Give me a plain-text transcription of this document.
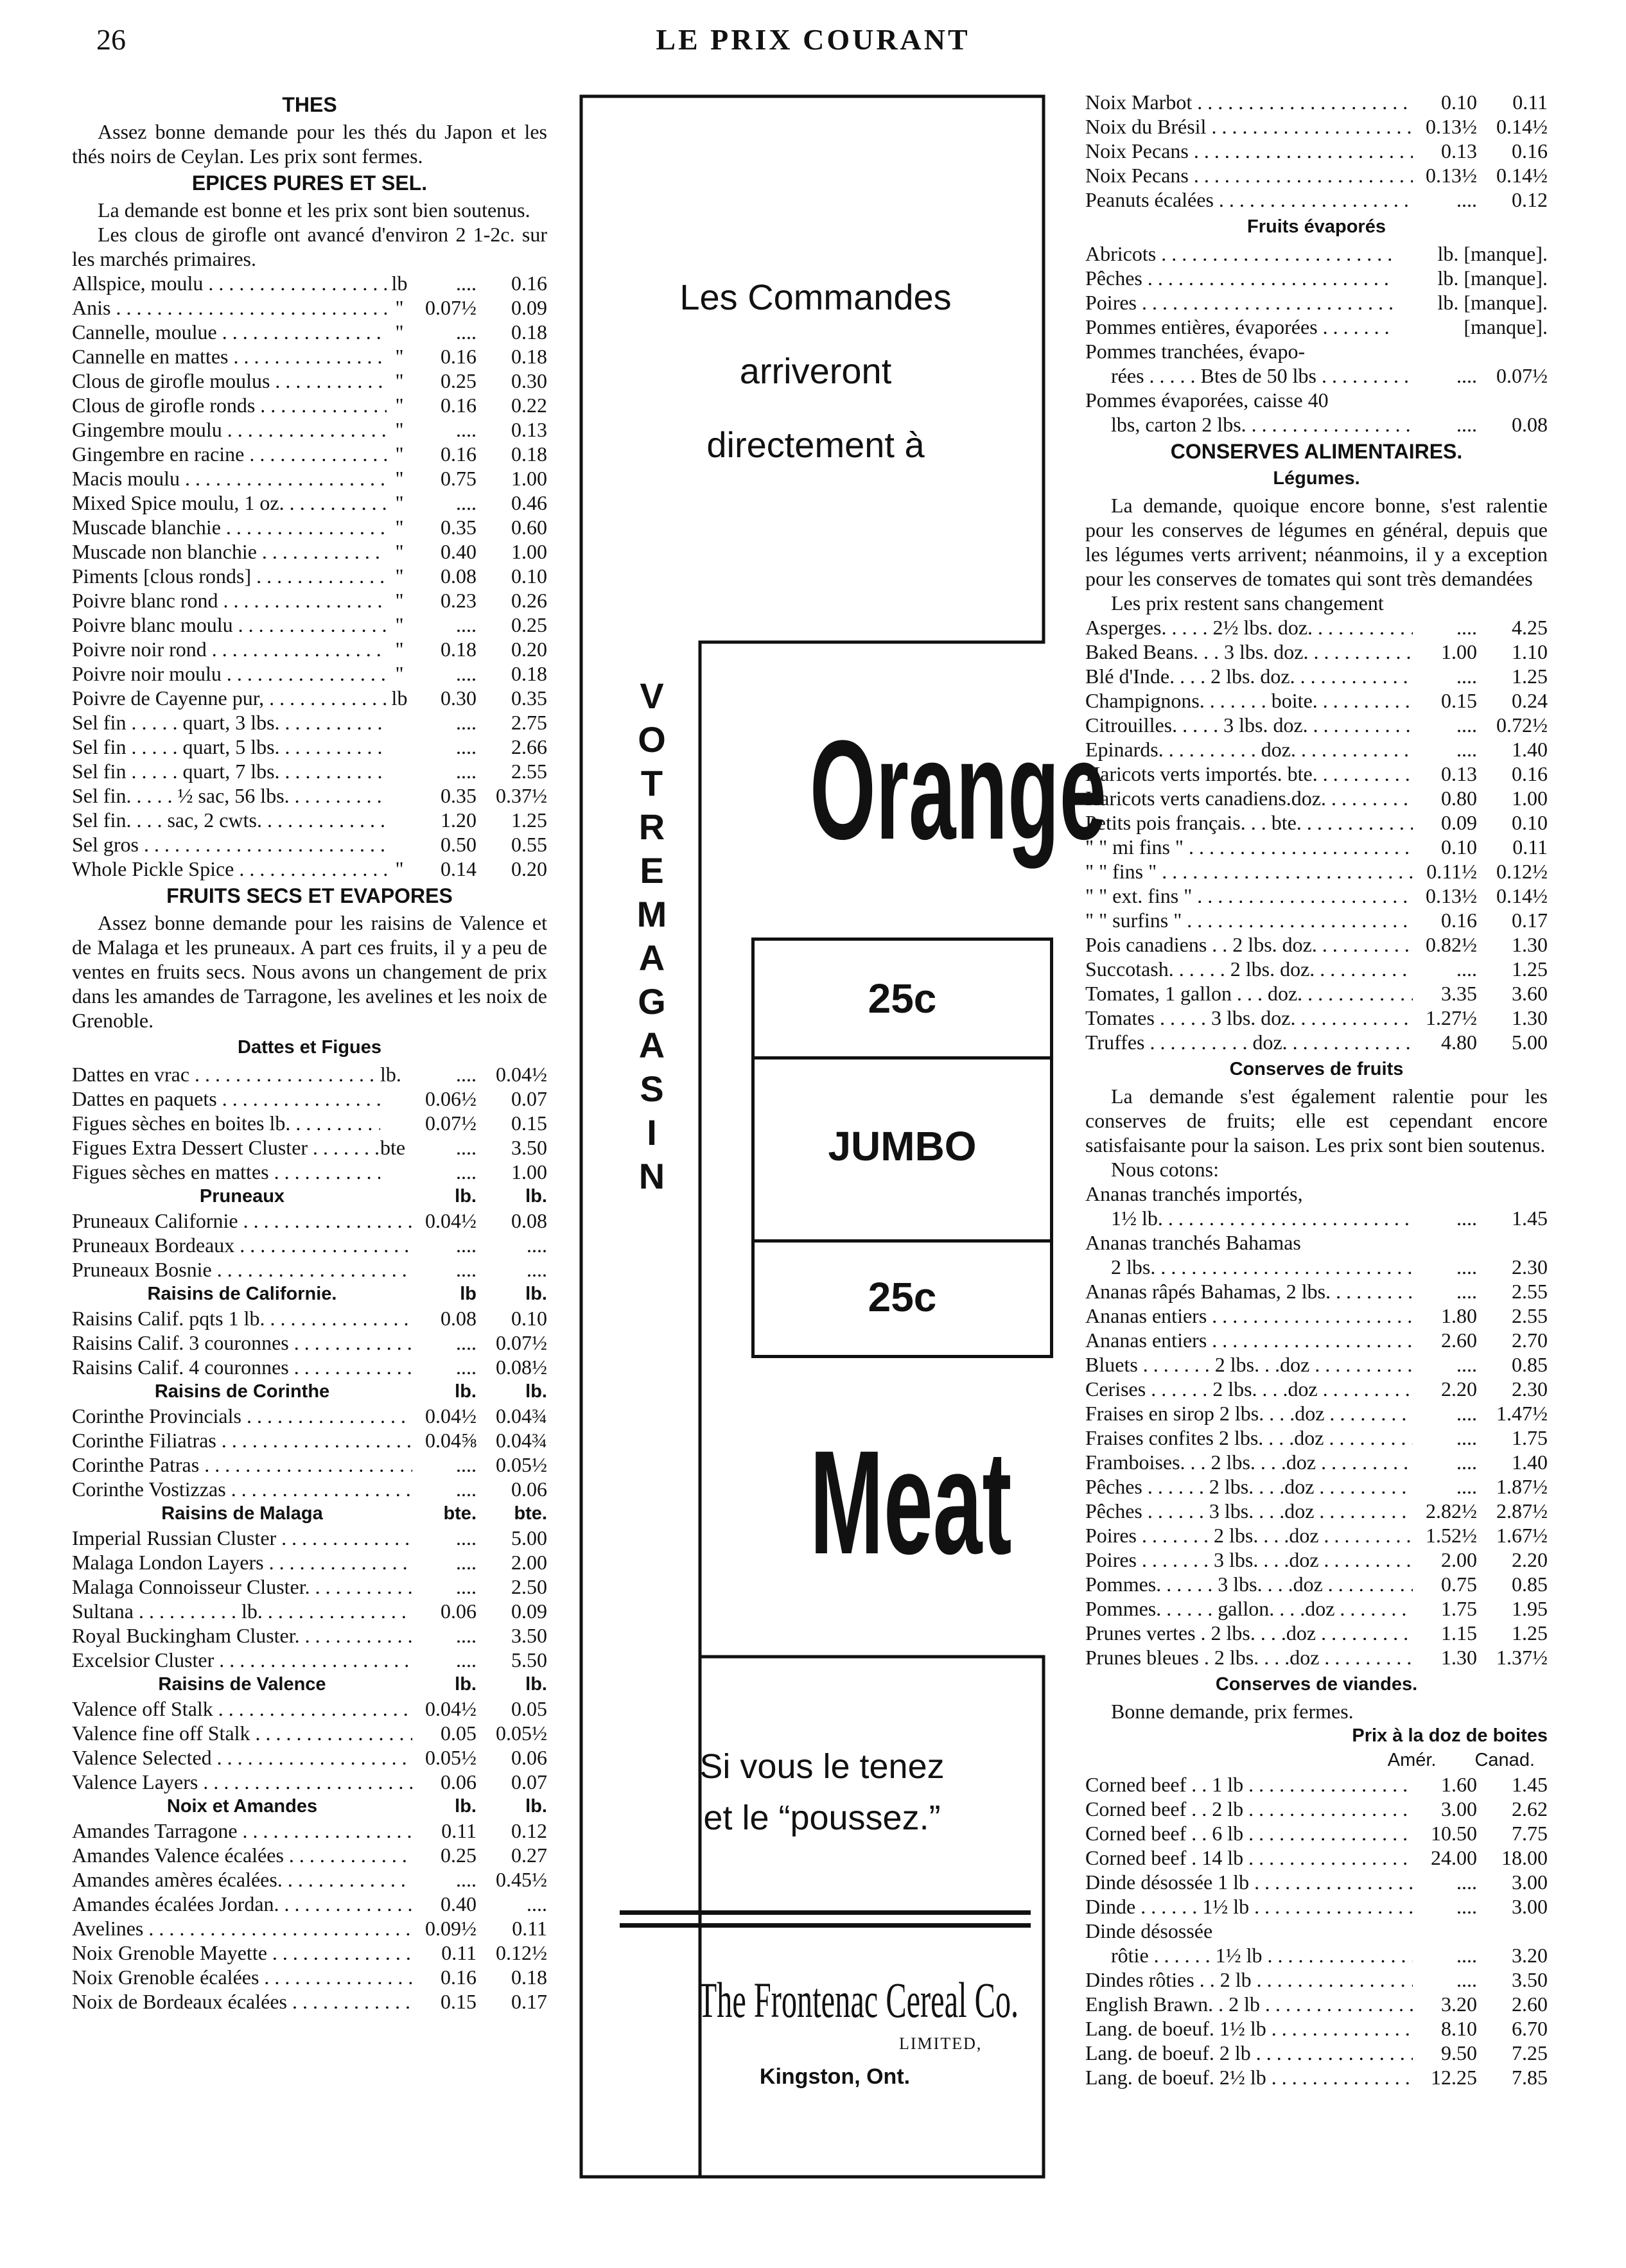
26	LE PRIX COURANT
THES

Assez bonne demande pour les thés du Japon et les thés noirs de Ceylan. Les prix sont fermes.

EPICES PURES ET SEL.

La demande est bonne et les prix sont bien soutenus.

Les clous de girofle ont avancé d'environ 2 1-2c. sur les marchés primaires.

Allspice, moulu . . .	lb	....	0.16
Anis . . .	"	0.07½	0.09
Cannelle, moulue . . .	"	....	0.18
Cannelle en mattes . . .	"	0.16	0.18
Clous de girofle moulus . . .	"	0.25	0.30
Clous de girofle ronds . . .	"	0.16	0.22
Gingembre moulu . . .	"	....	0.13
Gingembre en racine . . .	"	0.16	0.18
Macis moulu . . .	"	0.75	1.00
Mixed Spice moulu, 1 oz. . . .	"	....	0.46
Muscade blanchie . . .	"	0.35	0.60
Muscade non blanchie . . .	"	0.40	1.00
Piments [clous ronds] . . .	"	0.08	0.10
Poivre blanc rond . . .	"	0.23	0.26
Poivre blanc moulu . . .	"	....	0.25
Poivre noir rond . . .	"	0.18	0.20
Poivre noir moulu . . .	"	....	0.18
Poivre de Cayenne pur, . . .	lb	0.30	0.35
Sel fin . . . . . quart, 3 lbs. . . .	....	2.75
Sel fin . . . . . quart, 5 lbs. . . .	....	2.66
Sel fin . . . . . quart, 7 lbs. . . .	....	2.55
Sel fin. . . . . ½ sac, 56 lbs. . . .	0.35 0.37½
Sel fin. . . . sac, 2 cwts. . . .	1.20	1.25
Sel gros . . .	0.50	0.55
Whole Pickle Spice . . .	"	0.14	0.20
FRUITS SECS ET EVAPORES

Assez bonne demande pour les raisins de Valence et de Malaga et les pruneaux. A part ces fruits, il y a peu de ventes en fruits secs. Nous avons un changement de prix dans les amandes de Tarragone, les avelines et les noix de Grenoble.

Dattes et Figues
Dattes en vrac . . .	lb.	.... 0.04½
Dattes en paquets . . .	0.06½	0.07
Figues sèches en boites lb. . . .	0.07½	0.15
Figues Extra Dessert Cluster . . .	bte	....	3.50
Figues sèches en mattes . . .	....	1.00
Pruneaux	lb.	lb.
Pruneaux Californie . . .	0.04½	0.08
Pruneaux Bordeaux . . .	....	....
Pruneaux Bosnie . . .	....	....
Raisins de Californie.	lb	lb.
Raisins Calif. pqts 1 lb. . . .	0.08	0.10
Raisins Calif. 3 couronnes . . .	.... 0.07½
Raisins Calif. 4 couronnes . . .	.... 0.08½
Raisins de Corinthe	lb.	lb.
Corinthe Provincials . . .	0.04½ 0.04¾
Corinthe Filiatras . . .	0.04⅝ 0.04¾
Corinthe Patras . . .	.... 0.05½
Corinthe Vostizzas . . .	....	0.06
Raisins de Malaga	bte.	bte.
Imperial Russian Cluster . . .	....	5.00
Malaga London Layers . . .	....	2.00
Malaga Connoisseur Cluster. . . .	....	2.50
Sultana . . . . . . . . . . lb. . . .	0.06	0.09
Royal Buckingham Cluster. . . .	....	3.50
Excelsior Cluster . . .	....	5.50
Raisins de Valence	lb.	lb.
Valence off Stalk . . .	0.04½	0.05
Valence fine off Stalk . . .	0.05 0.05½
Valence Selected . . .	0.05½	0.06
Valence Layers . . .	0.06	0.07
Noix et Amandes	lb.	lb.
Amandes Tarragone . . .	0.11	0.12
Amandes Valence écalées . . .	0.25	0.27
Amandes amères écalées. . . .	.... 0.45½
Amandes écalées Jordan. . . .	0.40	....
Avelines . . .	0.09½	0.11
Noix Grenoble Mayette . . .	0.11 0.12½
Noix Grenoble écalées . . .	0.16	0.18
Noix de Bordeaux écalées . . .	0.15	0.17
Les Commandes
arriveront
directement à
V
O
T
R
E
M
A
G
A
S
I
N
Orange
25c
JUMBO
25c
Meat
Si vous le tenez
et le “poussez.”
The Frontenac Cereal Co.
LIMITED,
Kingston, Ont.
Noix Marbot . . .	0.10	0.11
Noix du Brésil . . .	0.13½ 0.14½
Noix Pecans . . .	0.13	0.16
Noix Pecans . . .	0.13½ 0.14½
Peanuts écalées . . .	....	0.12
Fruits évaporés
Abricots . . .	lb. [manque].
Pêches . . .	lb. [manque].
Poires . . .	lb. [manque].
Pommes entières, évaporées . . .	[manque].
Pommes tranchées, évapo-
rées . . . . . Btes de 50 lbs . . .	.... 0.07½
Pommes évaporées, caisse 40
lbs, carton 2 lbs. . . .	....	0.08
CONSERVES ALIMENTAIRES.
Légumes.

La demande, quoique encore bonne, s'est ralentie pour les conserves de légumes en général, depuis que les légumes verts arrivent; néanmoins, il y a exception pour les conserves de tomates qui sont très demandées

Les prix restent sans changement

Asperges. . . . . 2½ lbs. doz. . . .	....	4.25
Baked Beans. . . 3 lbs. doz. . . .	1.00	1.10
Blé d'Inde. . . . 2 lbs. doz. . . .	....	1.25
Champignons. . . . . . . boite. . . .	0.15	0.24
Citrouilles. . . . . 3 lbs. doz. . . .	.... 0.72½
Epinards. . . . . . . . . . doz. . . .	....	1.40
Haricots verts importés. bte. . . .	0.13	0.16
Haricots verts canadiens.doz. . . .	0.80	1.00
Petits pois français. . . bte. . . .	0.09	0.10
" " mi fins " . . .	0.10	0.11
" " fins " . . .	0.11½ 0.12½
" " ext. fins " . . .	0.13½ 0.14½
" " surfins " . . .	0.16	0.17
Pois canadiens . . 2 lbs. doz. . . .	0.82½	1.30
Succotash. . . . . . 2 lbs. doz. . . .	....	1.25
Tomates, 1 gallon . . . doz. . . .	3.35	3.60
Tomates . . . . . 3 lbs. doz. . . .	1.27½	1.30
Truffes . . . . . . . . . . doz. . . .	4.80	5.00
Conserves de fruits

La demande s'est également ralentie pour les conserves de fruits; elle est cependant encore satisfaisante pour la saison. Les prix sont bien soutenus.

Nous cotons:

Ananas tranchés importés,
1½ lb. . . .	....	1.45
Ananas tranchés Bahamas
2 lbs. . . .	....	2.30
Ananas râpés Bahamas, 2 lbs. . . .	....	2.55
Ananas entiers . . .	1.80	2.55
Ananas entiers . . .	2.60	2.70
Bluets . . . . . . . 2 lbs. . .doz . . .	....	0.85
Cerises . . . . . . 2 lbs. . . .doz . . .	2.20	2.30
Fraises en sirop 2 lbs. . . .doz . . .	.... 1.47½
Fraises confites 2 lbs. . . .doz . . .	....	1.75
Framboises. . . 2 lbs. . . .doz . . .	....	1.40
Pêches . . . . . . 2 lbs. . . .doz . . .	.... 1.87½
Pêches . . . . . . 3 lbs. . . .doz . . .	2.82½ 2.87½
Poires . . . . . . . 2 lbs. . . .doz . . .	1.52½ 1.67½
Poires . . . . . . . 3 lbs. . . .doz . . .	2.00	2.20
Pommes. . . . . . 3 lbs. . . .doz . . .	0.75	0.85
Pommes. . . . . . gallon. . . .doz . . .	1.75	1.95
Prunes vertes . 2 lbs. . . .doz . . .	1.15	1.25
Prunes bleues . 2 lbs. . . .doz . . .	1.30 1.37½
Conserves de viandes.

Bonne demande, prix fermes.

Prix à la doz de boites
Amér. Canad.
Corned beef . . 1 lb . . .	1.60	1.45
Corned beef . . 2 lb . . .	3.00	2.62
Corned beef . . 6 lb . . .	10.50	7.75
Corned beef . 14 lb . . .	24.00	18.00
Dinde désossée 1 lb . . .	....	3.00
Dinde . . . . . . 1½ lb . . .	....	3.00
Dinde désossée
rôtie . . . . . . 1½ lb . . .	....	3.20
Dindes rôties . . 2 lb . . .	....	3.50
English Brawn. . 2 lb . . .	3.20	2.60
Lang. de boeuf. 1½ lb . . .	8.10	6.70
Lang. de boeuf. 2 lb . . .	9.50	7.25
Lang. de boeuf. 2½ lb . . .	12.25	7.85
